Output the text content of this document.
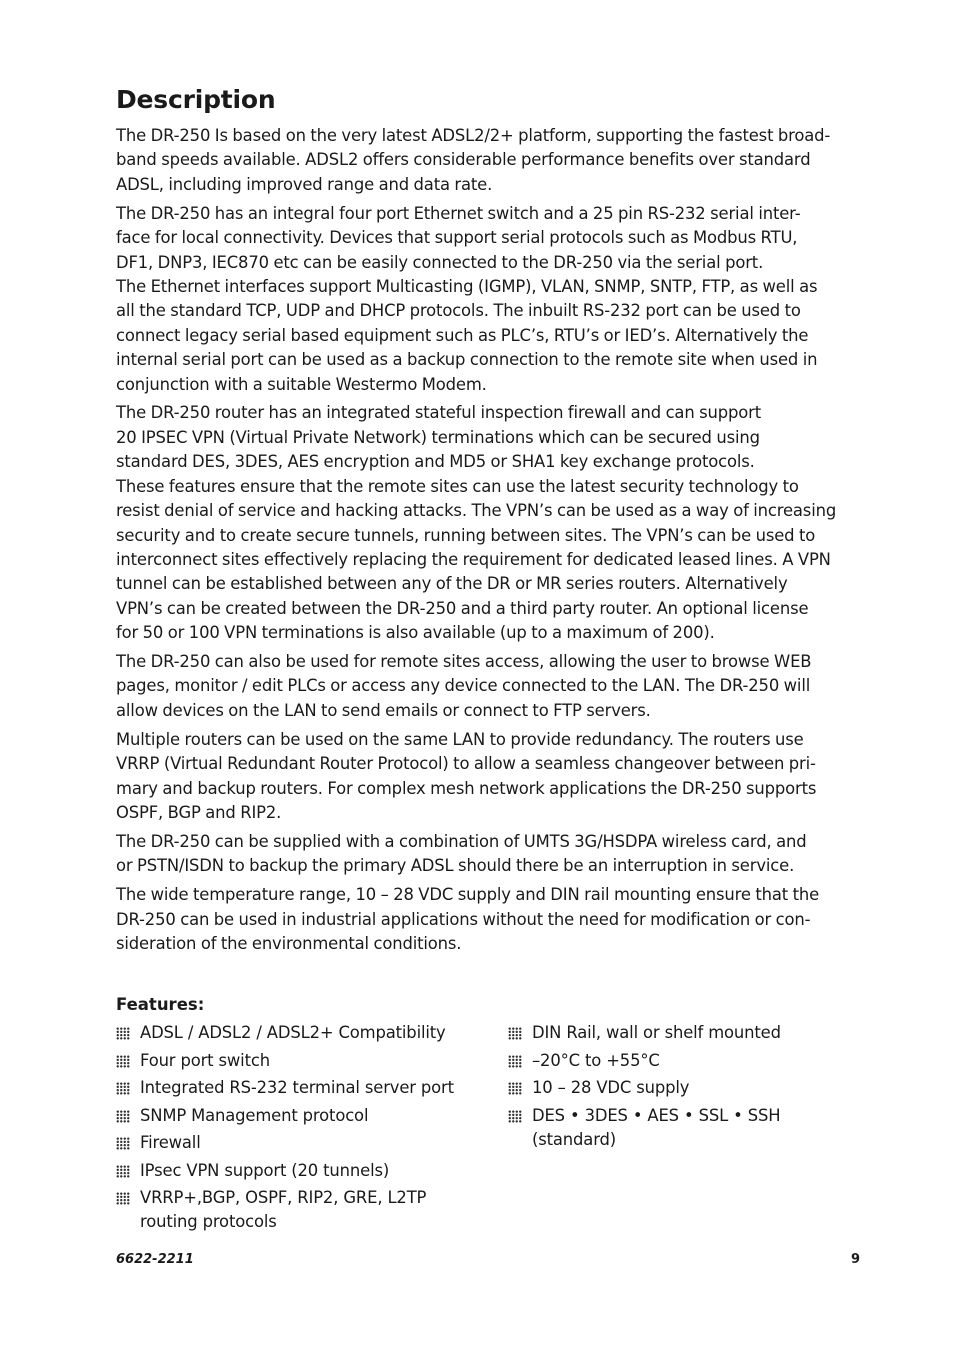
Description

The DR-250 Is based on the very latest ADSL2/2+ platform, supporting the fastest broad-
band speeds available. ADSL2 offers considerable performance benefits over standard
ADSL, including improved range and data rate.

The DR-250 has an integral four port Ethernet switch and a 25 pin RS-232 serial inter-
face for local connectivity. Devices that support serial protocols such as Modbus RTU,
DF1, DNP3, IEC870 etc can be easily connected to the DR-250 via the serial port.
The Ethernet interfaces support Multicasting (IGMP), VLAN, SNMP, SNTP, FTP, as well as
all the standard TCP, UDP and DHCP protocols. The inbuilt RS-232 port can be used to
connect legacy serial based equipment such as PLC’s, RTU’s or IED’s. Alternatively the
internal serial port can be used as a backup connection to the remote site when used in
conjunction with a suitable Westermo Modem.

The DR-250 router has an integrated stateful inspection firewall and can support
20 IPSEC VPN (Virtual Private Network) terminations which can be secured using
standard DES, 3DES, AES encryption and MD5 or SHA1 key exchange protocols.
These features ensure that the remote sites can use the latest security technology to
resist denial of service and hacking attacks. The VPN’s can be used as a way of increasing
security and to create secure tunnels, running between sites. The VPN’s can be used to
interconnect sites effectively replacing the requirement for dedicated leased lines. A VPN
tunnel can be established between any of the DR or MR series routers. Alternatively
VPN’s can be created between the DR-250 and a third party router. An optional license
for 50 or 100 VPN terminations is also available (up to a maximum of 200).

The DR-250 can also be used for remote sites access, allowing the user to browse WEB
pages, monitor / edit PLCs or access any device connected to the LAN. The DR-250 will
allow devices on the LAN to send emails or connect to FTP servers.

Multiple routers can be used on the same LAN to provide redundancy. The routers use
VRRP (Virtual Redundant Router Protocol) to allow a seamless changeover between pri-
mary and backup routers. For complex mesh network applications the DR-250 supports
OSPF, BGP and RIP2.

The DR-250 can be supplied with a combination of UMTS 3G/HSDPA wireless card, and
or PSTN/ISDN to backup the primary ADSL should there be an interruption in service.

The wide temperature range, 10 – 28 VDC supply and DIN rail mounting ensure that the
DR-250 can be used in industrial applications without the need for modification or con-
sideration of the environmental conditions.

Features:
ADSL / ADSL2 / ADSL2+ Compatibility
Four port switch
Integrated RS-232 terminal server port
SNMP Management protocol
Firewall
IPsec VPN support (20 tunnels)
VRRP+,BGP, OSPF, RIP2, GRE, L2TP
routing protocols
DIN Rail, wall or shelf mounted
–20°C to +55°C
10 – 28 VDC supply
DES • 3DES • AES • SSL • SSH
(standard)
6622-2211	9
